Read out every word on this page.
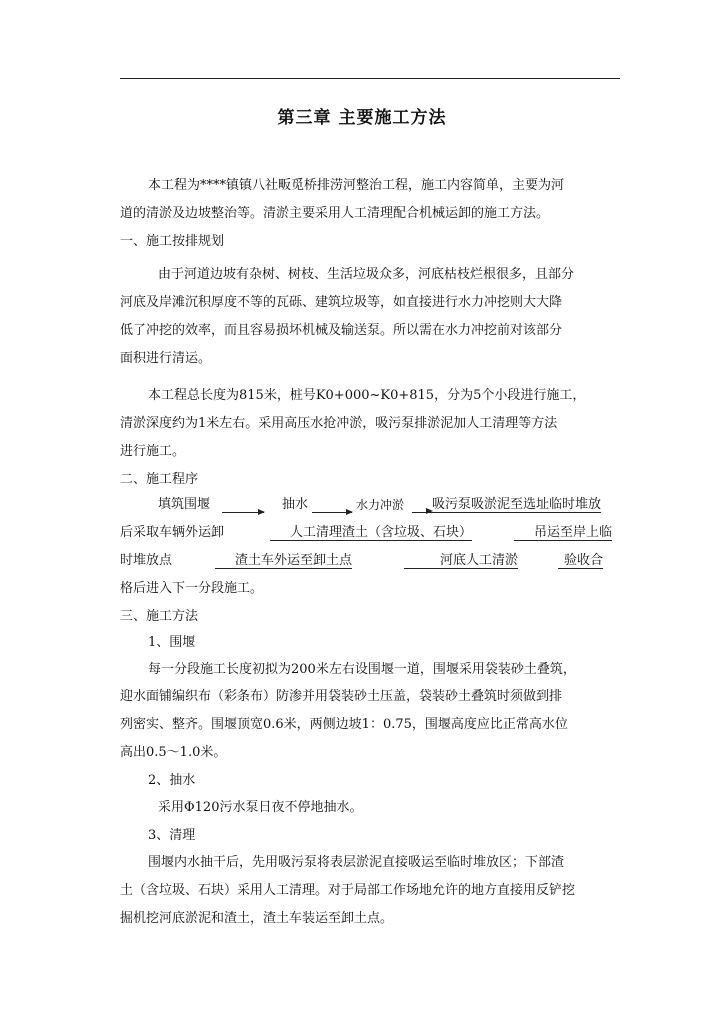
第三章 主要施工方法
本工程为****镇镇八社畈觅桥排涝河整治工程，施工内容简单，主要为河
道的清淤及边坡整治等。清淤主要采用人工清理配合机械运卸的施工方法。
一、施工按排规划
由于河道边坡有杂树、树枝、生活垃圾众多，河底枯枝烂根很多，且部分
河底及岸滩沉积厚度不等的瓦砾、建筑垃圾等，如直接进行水力冲挖则大大降
低了冲挖的效率，而且容易损坏机械及输送泵。所以需在水力冲挖前对该部分
面积进行清运。
本工程总长度为815米，桩号K0+000~K0+815，分为5个小段进行施工，
清淤深度约为1米左右。采用高压水抢冲淤，吸污泵排淤泥加人工清理等方法
进行施工。
二、施工程序
填筑围堰	抽水	水力冲淤	吸污泵吸淤泥至选址临时堆放
后采取车辆外运卸	人工清理渣土（含垃圾、石块）	吊运至岸上临
时堆放点	渣土车外运至卸土点	河底人工清淤	验收合
格后进入下一分段施工。
三、施工方法
1、围堰
每一分段施工长度初拟为200米左右设围堰一道，围堰采用袋装砂土叠筑，
迎水面铺编织布（彩条布）防渗并用袋装砂土压盖，袋装砂土叠筑时须做到排
列密实、整齐。围堰顶宽0.6米，两侧边坡1：0.75，围堰高度应比正常高水位
高出0.5～1.0米。
2、抽水
采用Φ120污水泵日夜不停地抽水。
3、清理
围堰内水抽干后，先用吸污泵将表层淤泥直接吸运至临时堆放区；下部渣
土（含垃圾、石块）采用人工清理。对于局部工作场地允许的地方直接用反铲挖
掘机挖河底淤泥和渣土，渣土车装运至卸土点。
